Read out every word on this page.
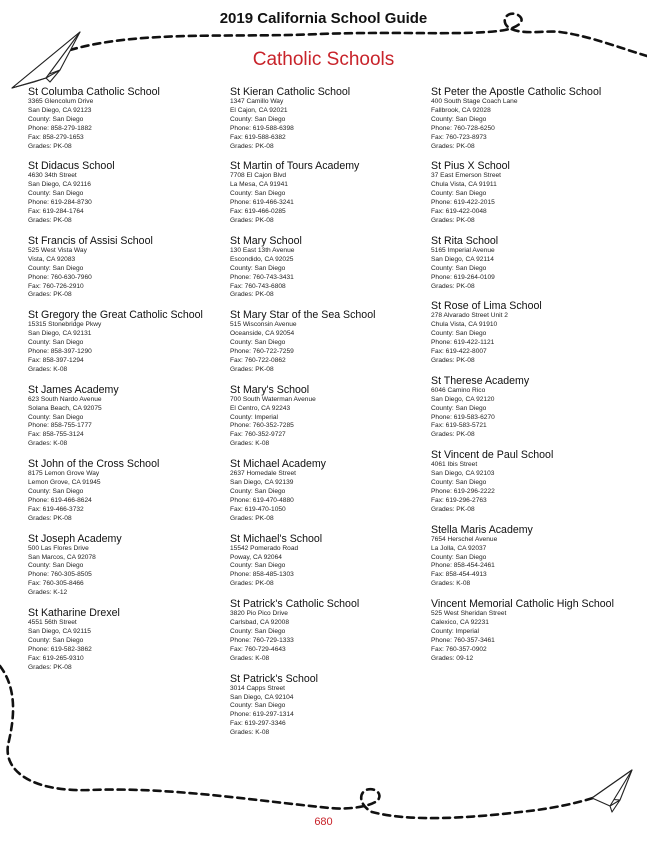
2019 California School Guide
Catholic Schools
St Columba Catholic School
3365 Glencolum Drive
San Diego, CA 92123
County: San Diego
Phone: 858-279-1882
Fax: 858-279-1653
Grades: PK-08
St Didacus School
4630 34th Street
San Diego, CA 92116
County: San Diego
Phone: 619-284-8730
Fax: 619-284-1764
Grades: PK-08
St Francis of Assisi School
525 West Vista Way
Vista, CA 92083
County: San Diego
Phone: 760-630-7960
Fax: 760-726-2910
Grades: PK-08
St Gregory the Great Catholic School
15315 Stonebridge Pkwy
San Diego, CA 92131
County: San Diego
Phone: 858-397-1290
Fax: 858-397-1294
Grades: K-08
St James Academy
623 South Nardo Avenue
Solana Beach, CA 92075
County: San Diego
Phone: 858-755-1777
Fax: 858-755-3124
Grades: K-08
St John of the Cross School
8175 Lemon Grove Way
Lemon Grove, CA 91945
County: San Diego
Phone: 619-466-8624
Fax: 619-466-3732
Grades: PK-08
St Joseph Academy
500 Las Flores Drive
San Marcos, CA 92078
County: San Diego
Phone: 760-305-8505
Fax: 760-305-8466
Grades: K-12
St Katharine Drexel
4551 56th Street
San Diego, CA 92115
County: San Diego
Phone: 619-582-3862
Fax: 619-265-9310
Grades: PK-08
St Kieran Catholic School
1347 Camillo Way
El Cajon, CA 92021
County: San Diego
Phone: 619-588-6398
Fax: 619-588-6382
Grades: PK-08
St Martin of Tours Academy
7708 El Cajon Blvd
La Mesa, CA 91941
County: San Diego
Phone: 619-466-3241
Fax: 619-466-0285
Grades: PK-08
St Mary School
130 East 13th Avenue
Escondido, CA 92025
County: San Diego
Phone: 760-743-3431
Fax: 760-743-6808
Grades: PK-08
St Mary Star of the Sea School
515 Wisconsin Avenue
Oceanside, CA 92054
County: San Diego
Phone: 760-722-7259
Fax: 760-722-0862
Grades: PK-08
St Mary's School
700 South Waterman Avenue
El Centro, CA 92243
County: Imperial
Phone: 760-352-7285
Fax: 760-352-9727
Grades: K-08
St Michael Academy
2637 Homedale Street
San Diego, CA 92139
County: San Diego
Phone: 619-470-4880
Fax: 619-470-1050
Grades: PK-08
St Michael's School
15542 Pomerado Road
Poway, CA 92064
County: San Diego
Phone: 858-485-1303
Grades: PK-08
St Patrick's Catholic School
3820 Pio Pico Drive
Carlsbad, CA 92008
County: San Diego
Phone: 760-729-1333
Fax: 760-729-4643
Grades: K-08
St Patrick's School
3014 Capps Street
San Diego, CA 92104
County: San Diego
Phone: 619-297-1314
Fax: 619-297-3346
Grades: K-08
St Peter the Apostle Catholic School
400 South Stage Coach Lane
Fallbrook, CA 92028
County: San Diego
Phone: 760-728-6250
Fax: 760-723-8973
Grades: PK-08
St Pius X School
37 East Emerson Street
Chula Vista, CA 91911
County: San Diego
Phone: 619-422-2015
Fax: 619-422-0048
Grades: PK-08
St Rita School
5165 Imperial Avenue
San Diego, CA 92114
County: San Diego
Phone: 619-264-0109
Grades: PK-08
St Rose of Lima School
278 Alvarado Street Unit 2
Chula Vista, CA 91910
County: San Diego
Phone: 619-422-1121
Fax: 619-422-8007
Grades: PK-08
St Therese Academy
6046 Camino Rico
San Diego, CA 92120
County: San Diego
Phone: 619-583-6270
Fax: 619-583-5721
Grades: PK-08
St Vincent de Paul School
4061 Ibis Street
San Diego, CA 92103
County: San Diego
Phone: 619-296-2222
Fax: 619-296-2763
Grades: PK-08
Stella Maris Academy
7654 Herschel Avenue
La Jolla, CA 92037
County: San Diego
Phone: 858-454-2461
Fax: 858-454-4913
Grades: K-08
Vincent Memorial Catholic High School
525 West Sheridan Street
Calexico, CA 92231
County: Imperial
Phone: 760-357-3461
Fax: 760-357-0902
Grades: 09-12
680
